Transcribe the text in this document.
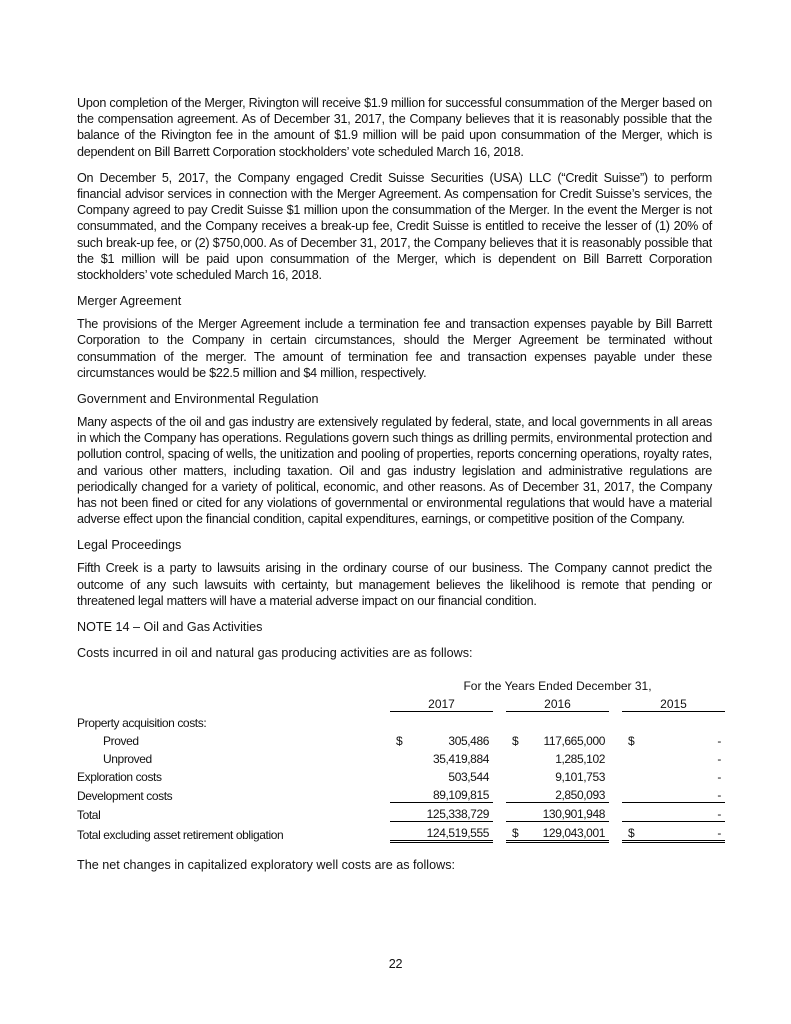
Upon completion of the Merger, Rivington will receive $1.9 million for successful consummation of the Merger based on the compensation agreement. As of December 31, 2017, the Company believes that it is reasonably possible that the balance of the Rivington fee in the amount of $1.9 million will be paid upon consummation of the Merger, which is dependent on Bill Barrett Corporation stockholders’ vote scheduled March 16, 2018.

On December 5, 2017, the Company engaged Credit Suisse Securities (USA) LLC (“Credit Suisse”) to perform financial advisor services in connection with the Merger Agreement. As compensation for Credit Suisse’s services, the Company agreed to pay Credit Suisse $1 million upon the consummation of the Merger. In the event the Merger is not consummated, and the Company receives a break-up fee, Credit Suisse is entitled to receive the lesser of (1) 20% of such break-up fee, or (2) $750,000. As of December 31, 2017, the Company believes that it is reasonably possible that the $1 million will be paid upon consummation of the Merger, which is dependent on Bill Barrett Corporation stockholders’ vote scheduled March 16, 2018.

Merger Agreement

The provisions of the Merger Agreement include a termination fee and transaction expenses payable by Bill Barrett Corporation to the Company in certain circumstances, should the Merger Agreement be terminated without consummation of the merger. The amount of termination fee and transaction expenses payable under these circumstances would be $22.5 million and $4 million, respectively.

Government and Environmental Regulation

Many aspects of the oil and gas industry are extensively regulated by federal, state, and local governments in all areas in which the Company has operations. Regulations govern such things as drilling permits, environmental protection and pollution control, spacing of wells, the unitization and pooling of properties, reports concerning operations, royalty rates, and various other matters, including taxation. Oil and gas industry legislation and administrative regulations are periodically changed for a variety of political, economic, and other reasons. As of December 31, 2017, the Company has not been fined or cited for any violations of governmental or environmental regulations that would have a material adverse effect upon the financial condition, capital expenditures, earnings, or competitive position of the Company.

Legal Proceedings

Fifth Creek is a party to lawsuits arising in the ordinary course of our business. The Company cannot predict the outcome of any such lawsuits with certainty, but management believes the likelihood is remote that pending or threatened legal matters will have a material adverse impact on our financial condition.

NOTE 14 – Oil and Gas Activities
Costs incurred in oil and natural gas producing activities are as follows:
	For the Years Ended December 31,							
	2017			2016			2015	
Property acquisition costs:								
Proved	$	305,486		$	117,665,000		$	-
Unproved		35,419,884			1,285,102			-
Exploration costs		503,544			9,101,753			-
Development costs		89,109,815			2,850,093			-
Total		125,338,729			130,901,948			-
Total excluding asset retirement obligation		124,519,555		$	129,043,001		$	-
The net changes in capitalized exploratory well costs are as follows:
22
